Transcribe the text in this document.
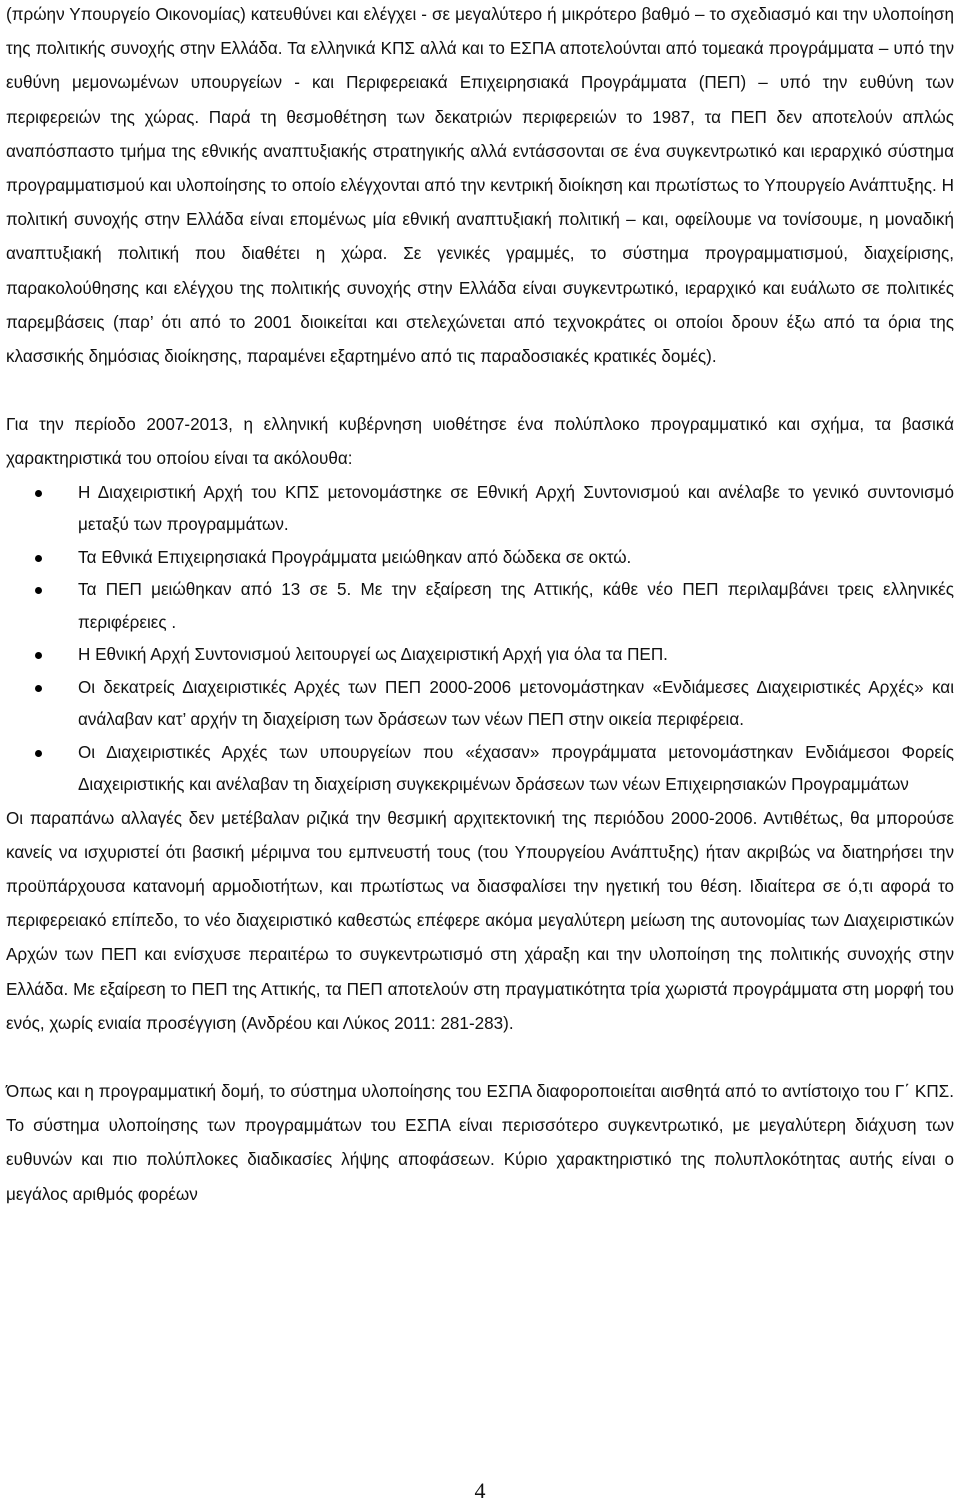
(πρώην Υπουργείο Οικονομίας) κατευθύνει και ελέγχει - σε μεγαλύτερο ή μικρότερο βαθμό – το σχεδιασμό και την υλοποίηση της πολιτικής συνοχής στην Ελλάδα. Τα ελληνικά ΚΠΣ αλλά και το ΕΣΠΑ αποτελούνται από τομεακά προγράμματα – υπό την ευθύνη μεμονωμένων υπουργείων - και Περιφερειακά Επιχειρησιακά Προγράμματα (ΠΕΠ) – υπό την ευθύνη των περιφερειών της χώρας. Παρά τη θεσμοθέτηση των δεκατριών περιφερειών το 1987, τα ΠΕΠ δεν αποτελούν απλώς αναπόσπαστο τμήμα της εθνικής αναπτυξιακής στρατηγικής αλλά εντάσσονται σε ένα συγκεντρωτικό και ιεραρχικό σύστημα προγραμματισμού και υλοποίησης το οποίο ελέγχονται από την κεντρική διοίκηση και πρωτίστως το Υπουργείο Ανάπτυξης. Η πολιτική συνοχής στην Ελλάδα είναι επομένως μία εθνική αναπτυξιακή πολιτική – και, οφείλουμε να τονίσουμε, η μοναδική αναπτυξιακή πολιτική που διαθέτει η χώρα. Σε γενικές γραμμές, το σύστημα προγραμματισμού, διαχείρισης, παρακολούθησης και ελέγχου της πολιτικής συνοχής στην Ελλάδα είναι συγκεντρωτικό, ιεραρχικό και ευάλωτο σε πολιτικές παρεμβάσεις (παρ’ ότι από το 2001 διοικείται και στελεχώνεται από τεχνοκράτες οι οποίοι δρουν έξω από τα όρια της κλασσικής δημόσιας διοίκησης, παραμένει εξαρτημένο από τις παραδοσιακές κρατικές δομές).

Για την περίοδο 2007-2013, η ελληνική κυβέρνηση υιοθέτησε ένα πολύπλοκο προγραμματικό και σχήμα, τα βασικά χαρακτηριστικά του οποίου είναι τα ακόλουθα:

Η Διαχειριστική Αρχή του ΚΠΣ μετονομάστηκε σε Εθνική Αρχή Συντονισμού και ανέλαβε το γενικό συντονισμό μεταξύ των προγραμμάτων.
Τα Εθνικά Επιχειρησιακά Προγράμματα μειώθηκαν από δώδεκα σε οκτώ.
Τα ΠΕΠ μειώθηκαν από 13 σε 5. Με την εξαίρεση της Αττικής, κάθε νέο ΠΕΠ περιλαμβάνει τρεις ελληνικές περιφέρειες .
Η Εθνική Αρχή Συντονισμού λειτουργεί ως Διαχειριστική Αρχή για όλα τα ΠΕΠ.
Οι δεκατρείς Διαχειριστικές Αρχές των ΠΕΠ 2000-2006 μετονομάστηκαν «Ενδιάμεσες Διαχειριστικές Αρχές» και ανάλαβαν κατ’ αρχήν τη διαχείριση των δράσεων των νέων ΠΕΠ στην οικεία περιφέρεια.
Οι Διαχειριστικές Αρχές των υπουργείων που «έχασαν» προγράμματα μετονομάστηκαν Ενδιάμεσοι Φορείς Διαχειριστικής και ανέλαβαν τη διαχείριση συγκεκριμένων δράσεων των νέων Επιχειρησιακών Προγραμμάτων

Οι παραπάνω αλλαγές δεν μετέβαλαν ριζικά την θεσμική αρχιτεκτονική της περιόδου 2000-2006. Αντιθέτως, θα μπορούσε κανείς να ισχυριστεί ότι βασική μέριμνα του εμπνευστή τους (του Υπουργείου Ανάπτυξης) ήταν ακριβώς να διατηρήσει την προϋπάρχουσα κατανομή αρμοδιοτήτων, και πρωτίστως να διασφαλίσει την ηγετική του θέση. Ιδιαίτερα σε ό,τι αφορά το περιφερειακό επίπεδο, το νέο διαχειριστικό καθεστώς επέφερε ακόμα μεγαλύτερη μείωση της αυτονομίας των Διαχειριστικών Αρχών των ΠΕΠ και ενίσχυσε περαιτέρω το συγκεντρωτισμό στη χάραξη και την υλοποίηση της πολιτικής συνοχής στην Ελλάδα. Με εξαίρεση το ΠΕΠ της Αττικής, τα ΠΕΠ αποτελούν στη πραγματικότητα τρία χωριστά προγράμματα στη μορφή του ενός, χωρίς ενιαία προσέγγιση (Ανδρέου και Λύκος 2011: 281-283).

Όπως και η προγραμματική δομή, το σύστημα υλοποίησης του ΕΣΠΑ διαφοροποιείται αισθητά από το αντίστοιχο του Γ΄ ΚΠΣ. Το σύστημα υλοποίησης των προγραμμάτων του ΕΣΠΑ είναι περισσότερο συγκεντρωτικό, με μεγαλύτερη διάχυση των ευθυνών και πιο πολύπλοκες διαδικασίες λήψης αποφάσεων. Κύριο χαρακτηριστικό της πολυπλοκότητας αυτής είναι ο μεγάλος αριθμός φορέων

4
